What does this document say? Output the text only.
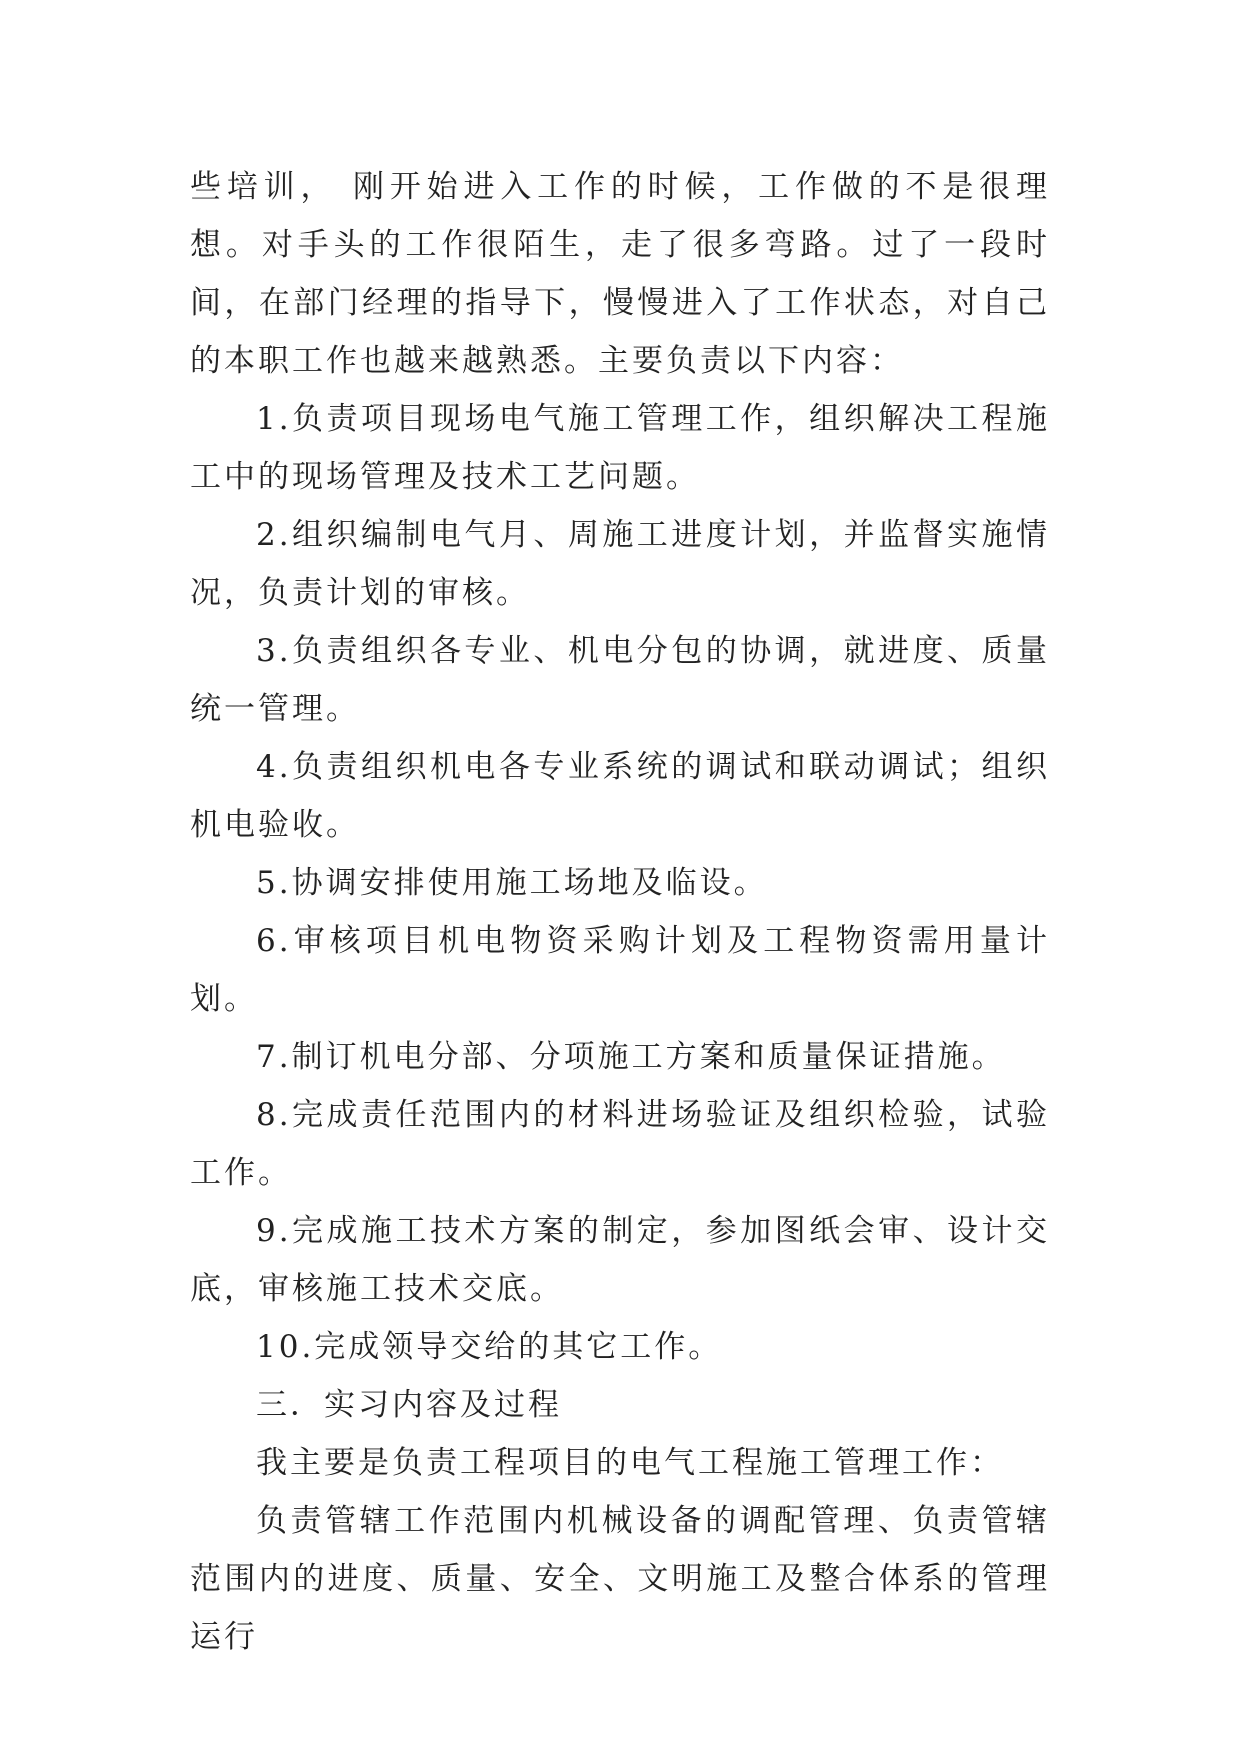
些培训， 刚开始进入工作的时候，工作做的不是很理想。对手头的工作很陌生，走了很多弯路。过了一段时间，在部门经理的指导下，慢慢进入了工作状态，对自己的本职工作也越来越熟悉。主要负责以下内容：

1.负责项目现场电气施工管理工作，组织解决工程施工中的现场管理及技术工艺问题。

2.组织编制电气月、周施工进度计划，并监督实施情况，负责计划的审核。

3.负责组织各专业、机电分包的协调，就进度、质量统一管理。

4.负责组织机电各专业系统的调试和联动调试；组织机电验收。

5.协调安排使用施工场地及临设。

6.审核项目机电物资采购计划及工程物资需用量计划。

7.制订机电分部、分项施工方案和质量保证措施。

8.完成责任范围内的材料进场验证及组织检验，试验工作。

9.完成施工技术方案的制定，参加图纸会审、设计交底，审核施工技术交底。

10.完成领导交给的其它工作。

三．实习内容及过程

我主要是负责工程项目的电气工程施工管理工作：

负责管辖工作范围内机械设备的调配管理、负责管辖范围内的进度、质量、安全、文明施工及整合体系的管理运行
